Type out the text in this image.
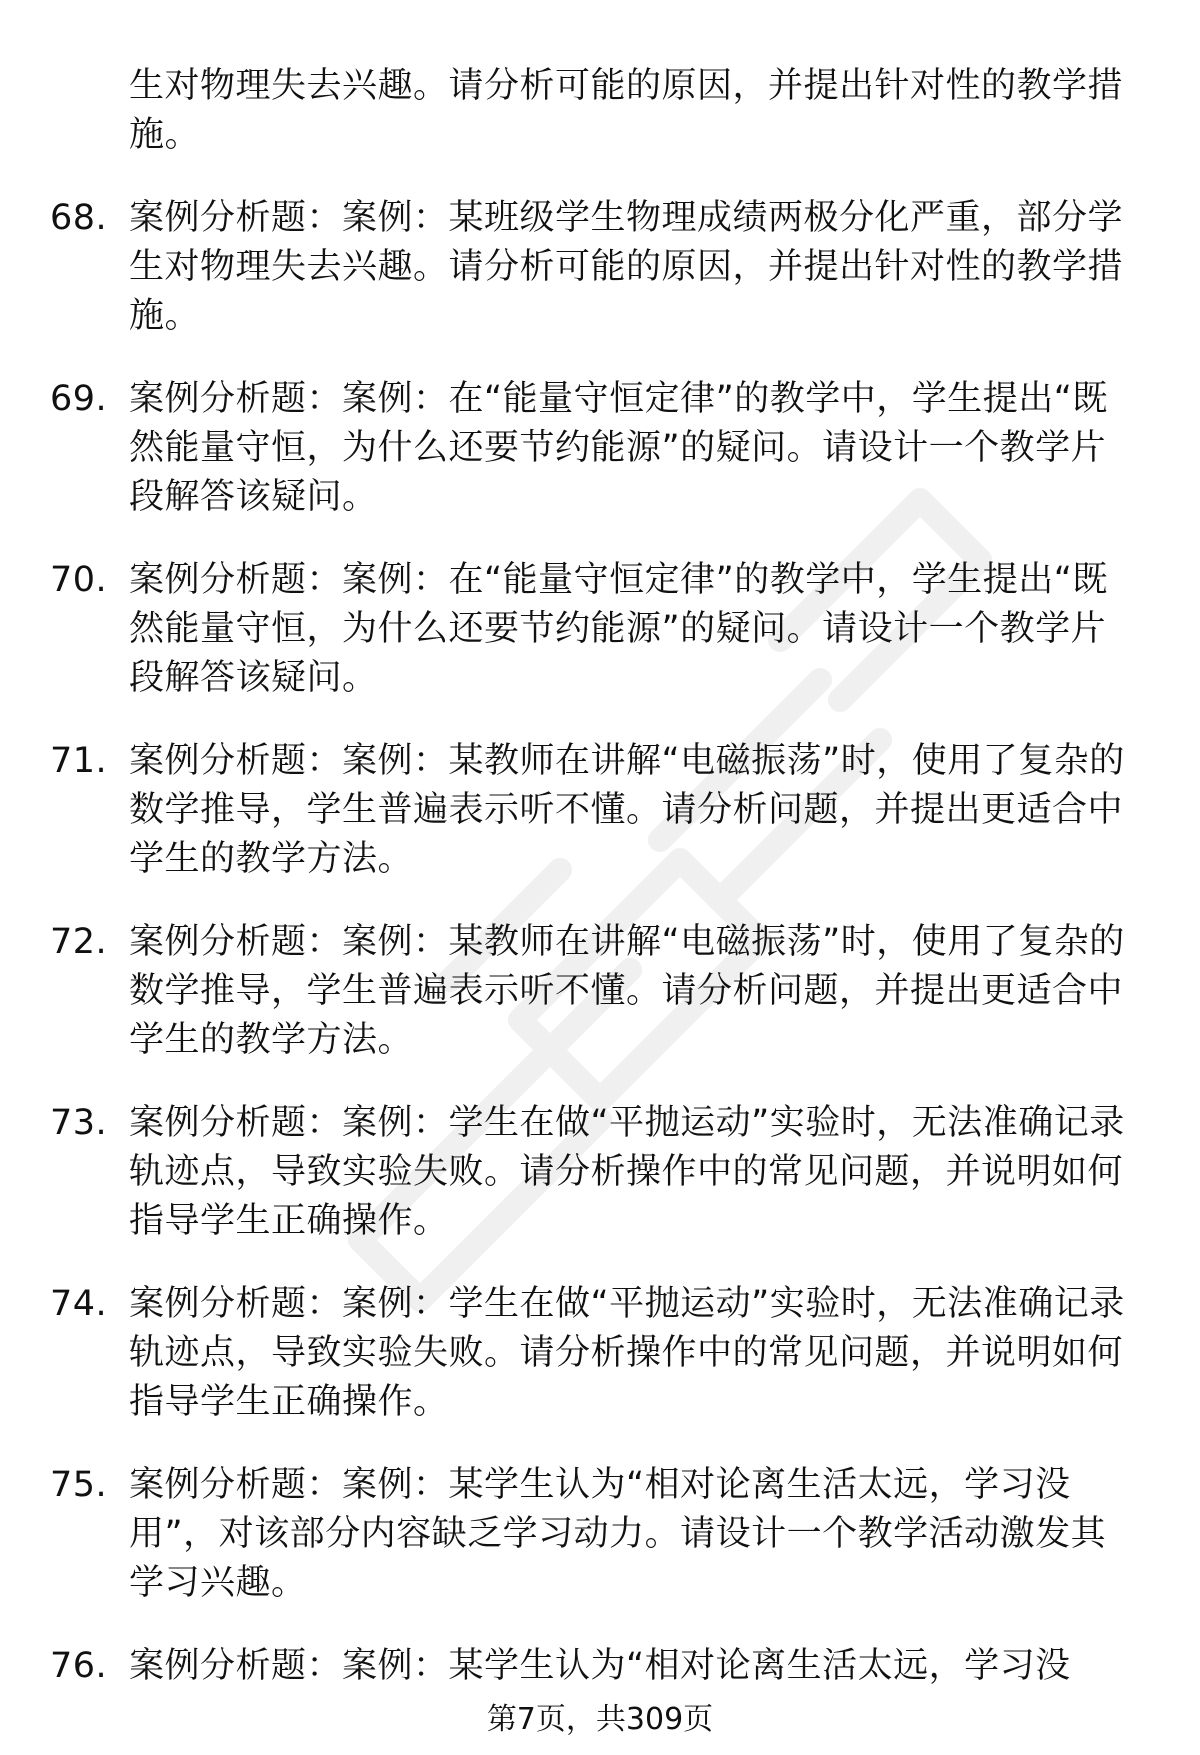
生对物理失去兴趣。请分析可能的原因，并提出针对性的教学措施。
68. 案例分析题：案例：某班级学生物理成绩两极分化严重，部分学生对物理失去兴趣。请分析可能的原因，并提出针对性的教学措施。
69. 案例分析题：案例：在“能量守恒定律”的教学中，学生提出“既然能量守恒，为什么还要节约能源”的疑问。请设计一个教学片段解答该疑问。
70. 案例分析题：案例：在“能量守恒定律”的教学中，学生提出“既然能量守恒，为什么还要节约能源”的疑问。请设计一个教学片段解答该疑问。
71. 案例分析题：案例：某教师在讲解“电磁振荡”时，使用了复杂的数学推导，学生普遍表示听不懂。请分析问题，并提出更适合中学生的教学方法。
72. 案例分析题：案例：某教师在讲解“电磁振荡”时，使用了复杂的数学推导，学生普遍表示听不懂。请分析问题，并提出更适合中学生的教学方法。
73. 案例分析题：案例：学生在做“平抛运动”实验时，无法准确记录轨迹点，导致实验失败。请分析操作中的常见问题，并说明如何指导学生正确操作。
74. 案例分析题：案例：学生在做“平抛运动”实验时，无法准确记录轨迹点，导致实验失败。请分析操作中的常见问题，并说明如何指导学生正确操作。
75. 案例分析题：案例：某学生认为“相对论离生活太远，学习没用”，对该部分内容缺乏学习动力。请设计一个教学活动激发其学习兴趣。
76. 案例分析题：案例：某学生认为“相对论离生活太远，学习没
第7页，共309页
